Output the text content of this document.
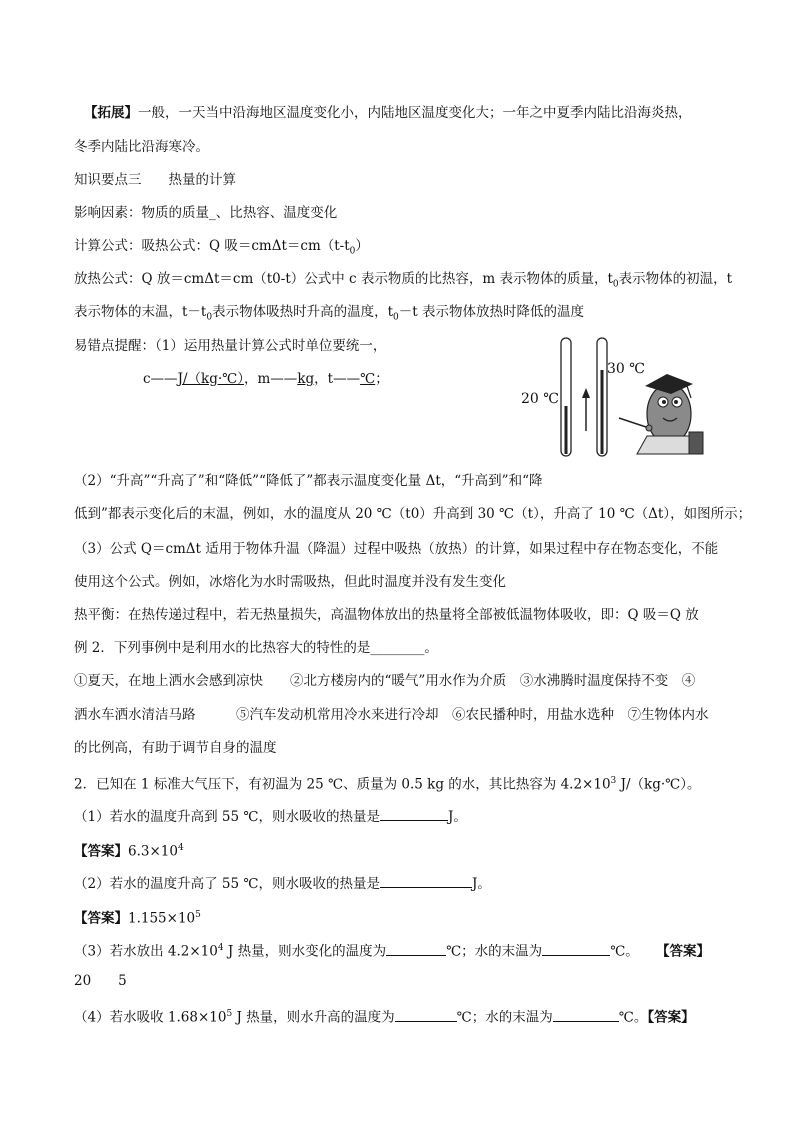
【拓展】一般，一天当中沿海地区温度变化小，内陆地区温度变化大；一年之中夏季内陆比沿海炎热，
冬季内陆比沿海寒冷。
知识要点三　　热量的计算
影响因素：物质的质量_、比热容、温度变化
计算公式：吸热公式：Q 吸$=cm\Delta t=cm(t-t_0)$
放热公式：Q 放＝cmΔt＝cm（t0-t）公式中 c 表示物质的比热容，m 表示物体的质量，$t_0$表示物体的初温，t
表示物体的末温，$t-t_0$表示物体吸热时升高的温度，$t_0-t$ 表示物体放热时降低的温度
易错点提醒：（1）运用热量计算公式时单位要统一，
c——J/（kg·℃），m——kg，t——℃；
20 ℃
30 ℃
（2）“升高”“升高了”和“降低”“降低了”都表示温度变化量 Δt，“升高到”和“降
低到”都表示变化后的末温，例如，水的温度从 20 ℃（t0）升高到 30 ℃（t），升高了 10 ℃（Δt），如图所示；
（3）公式 Q＝cmΔt 适用于物体升温（降温）过程中吸热（放热）的计算，如果过程中存在物态变化，不能
使用这个公式。例如，冰熔化为水时需吸热，但此时温度并没有发生变化
热平衡：在热传递过程中，若无热量损失，高温物体放出的热量将全部被低温物体吸收，即：Q 吸＝Q 放
例 2．下列事例中是利用水的比热容大的特性的是________。
①夏天，在地上洒水会感到凉快　　②北方楼房内的“暖气”用水作为介质　③水沸腾时温度保持不变　④
洒水车洒水清洁马路　　　⑤汽车发动机常用冷水来进行冷却　⑥农民播种时，用盐水选种　⑦生物体内水
的比例高，有助于调节自身的温度
2．已知在 1 标准大气压下，有初温为 25 ℃、质量为 0.5 kg 的水，其比热容为 $4.2\times 10^3$ J/（kg·℃）。
（1）若水的温度升高到 55 ℃，则水吸收的热量是	J。
【答案】$6.3\times 10^4$
（2）若水的温度升高了 55 ℃，则水吸收的热量是	J。
【答案】$1.155\times 10^5$
（3）若水放出 $4.2\times 10^4$ J 热量，则水变化的温度为	℃；水的末温为	℃。 【答案】
20　　5
（4）若水吸收 $1.68\times 10^5$ J 热量，则水升高的温度为	℃；水的末温为	℃。【答案】
